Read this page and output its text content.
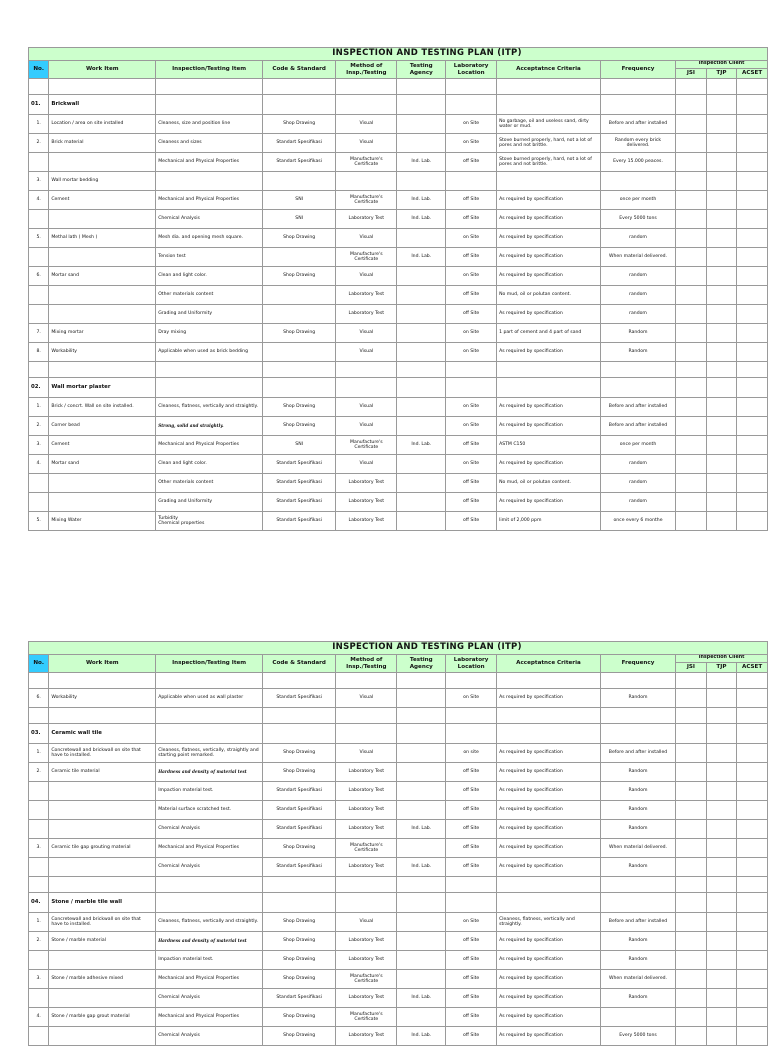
INSPECTION AND TESTING PLAN (ITP)											
No.	Work Item	Inspection/Testing Item	Code & Standard	Method of Insp./Testing	Testing Agency	Laboratory Location	Acceptatnce Criteria	Frequency	Inspection Client		
									JSI	TJP	ACSET

01.	Brickwall										
1.	Location / area on site installed	Cleaness, size and position line	Shop Drawing	Visual		on Site	No garbage, oil and useless sand, dirty water or mud.	Before and after installed			
2.	Brick material	Cleaness and sizes	Standart Spesifikasi	Visual		on Site	Stove burned properly, hard, not a lot of pores and not brittle.	Random every brick delivered.			
		Mechanical and Physical Properties	Standart Spesifikasi	Manufacture's Certificate	Ind. Lab.	off Site	Stove burned properly, hard, not a lot of pores and not brittle.	Every 15.000 peaces.			
3.	Wall mortar bedding										
4.	Cement	Mechanical and Physical Properties	SNI	Manufacture's Certificate	Ind. Lab.	off Site	As required by specification	once per month			
		Chemical Analysis	SNI	Laboratory Test	Ind. Lab.	off Site	As required by specification	Every 5000 tons			
5.	Methal lath ( Mesh )	Mesh dia. and opening mesh square.	Shop Drawing	Visual		on Site	As required by specification	random			
		Tension test		Manufacture's Certificate	Ind. Lab.	off Site	As required by specification	When material delivered.			
6.	Mortar sand	Clean and light color.	Shop Drawing	Visual		on Site	As required by specification	random			
		Other materials content		Laboratory Test		off Site	No mud, oil or polutan content.	random			
		Grading and Uniformity		Laboratory Test		off Site	As required by specification	random			
7.	Mixing mortar	Dray mixing	Shop Drawing	Visual		on Site	1 part of cement and 4 part of sand	Random			
8.	Workability	Applicable when used as brick bedding		Visual		on Site	As required by specification	Random			

02.	Wall mortar plaster										
1.	Brick / concrt. Wall on site installed.	Cleaness, flatness, vertically and straightly.	Shop Drawing	Visual		on Site	As required by specification	Before and after installed			
2.	Corner bead	Strong, solid and straightly.	Shop Drawing	Visual		on Site	As required by specification	Before and after installed			
3.	Cement	Mechanical and Physical Properties	SNI	Manufacture's Certificate	Ind. Lab.	off Site	ASTM C150	once per month			
4.	Mortar sand	Clean and light color.	Standart Spesifikasi	Visual		on Site	As required by specification	random			
		Other materials content	Standart Spesifikasi	Laboratory Test		off Site	No mud, oil or polutan content.	random			
		Grading and Uniformity	Standart Spesifikasi	Laboratory Test		off Site	As required by specification	random			
5.	Mixing Water	Turbidity
Chemical properties	Standart Spesifikasi	Laboratory Test		off Site	limit of 2,000 ppm	once every 6 monthe			
INSPECTION AND TESTING PLAN (ITP)											
No.	Work Item	Inspection/Testing Item	Code & Standard	Method of Insp./Testing	Testing Agency	Laboratory Location	Acceptatnce Criteria	Frequency	Inspection Client		
									JSI	TJP	ACSET

6.	Workability	Applicable when used as wall plaster	Standart Spesifikasi	Visual		on Site	As required by specification	Random			

03.	Ceramic wall tile										
1.	Concretewall and brickwall on site that have to installed.	Cleaness, flatness, vertically, straightly and starting point remarked.	Shop Drawing	Visual		on site	As required by specification	Before and after installed			
2.	Ceramic tile material	Hardness and density of material test	Shop Drawing	Laboratory Test		off Site	As required by specification	Random			
		Impaction material test.	Standart Spesifikasi	Laboratory Test		off Site	As required by specification	Random			
		Material surface scratched test.	Standart Spesifikasi	Laboratory Test		off Site	As required by specification	Random			
		Chemical Analysis	Standart Spesifikasi	Laboratory Test	Ind. Lab.	off Site	As required by specification	Random			
3.	Ceramic tile gap grouting material	Mechanical and Physical Properties	Shop Drawing	Manufacture's Certificate		off Site	As required by specification	When material delivered.			
		Chemical Analysis	Standart Spesifikasi	Laboratory Test	Ind. Lab.	off Site	As required by specification	Random			

04.	Stone / marble tile wall										
1.	Concretewall and brickwall on site that have to installed.	Cleaness, flatness, vertically and straightly.	Shop Drawing	Visual		on Site	Cleaness, flatness, vertically and straightly.	Before and after installed			
2.	Stone / marble material	Hardness and density of material test	Shop Drawing	Laboratory Test		off Site	As required by specification	Random			
		Impaction material test.	Shop Drawing	Laboratory Test		off Site	As required by specification	Random			
3.	Stone / marble adhesive mixed	Mechanical and Physical Properties	Shop Drawing	Manufacture's Certificate		off Site	As required by specification	When material delivered.			
		Chemical Analysis	Standart Spesifikasi	Laboratory Test	Ind. Lab.	off Site	As required by specification	Random			
4.	Stone / marble gap grout material	Mechanical and Physical Properties	Shop Drawing	Manufacture's Certificate		off Site	As required by specification				
		Chemical Analysis	Shop Drawing	Laboratory Test	Ind. Lab.	off Site	As required by specification	Every 5000 tons			
